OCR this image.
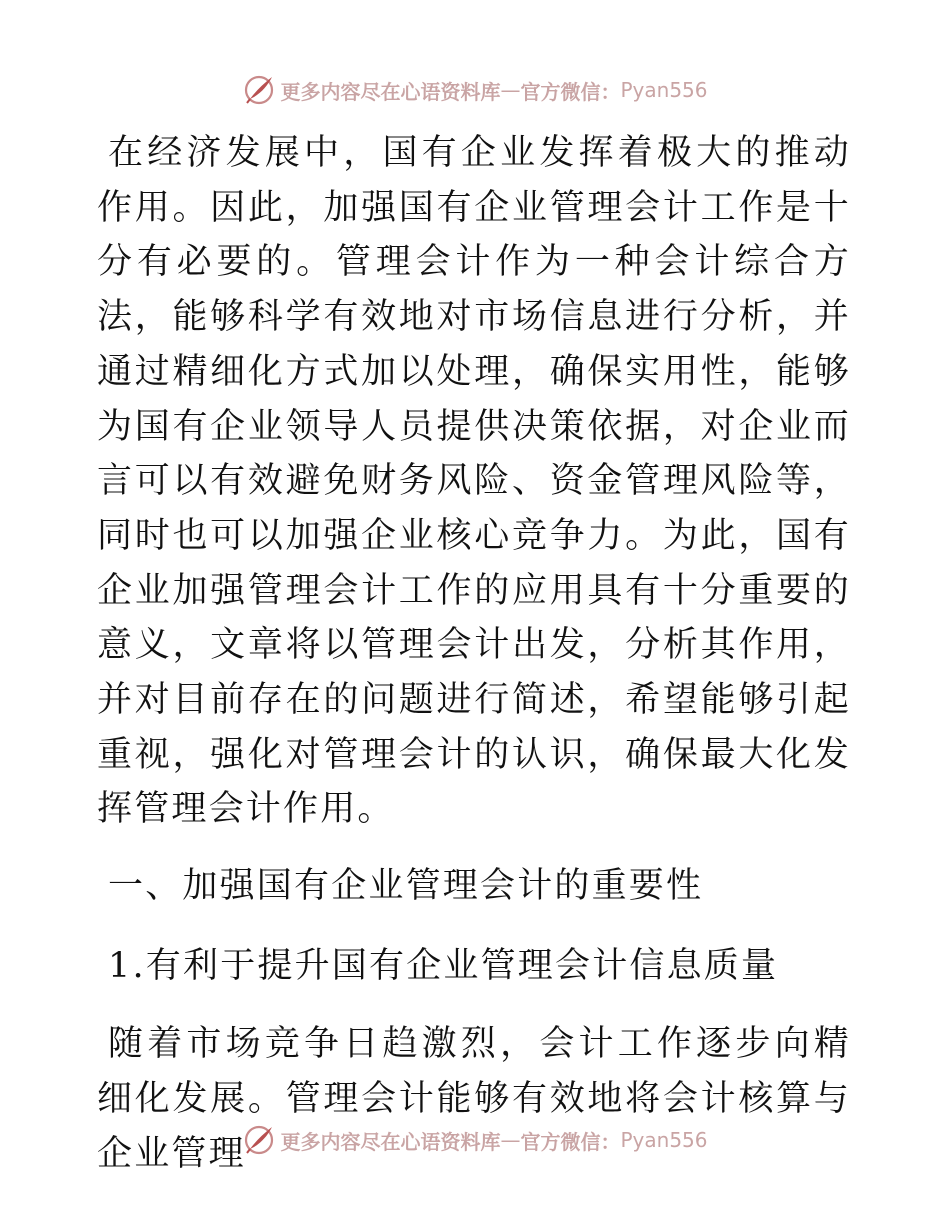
更多内容尽在心语资料库 — 官方微信： Pyan556

在经济发展中，国有企业发挥着极大的推动作用。因此，加强国有企业管理会计工作是十分有必要的。管理会计作为一种会计综合方法，能够科学有效地对市场信息进行分析，并通过精细化方式加以处理，确保实用性，能够为国有企业领导人员提供决策依据，对企业而言可以有效避免财务风险、资金管理风险等，同时也可以加强企业核心竞争力。为此，国有企业加强管理会计工作的应用具有十分重要的意义，文章将以管理会计出发，分析其作用，并对目前存在的问题进行简述，希望能够引起重视，强化对管理会计的认识，确保最大化发挥管理会计作用。

一、加强国有企业管理会计的重要性

1.有利于提升国有企业管理会计信息质量

随着市场竞争日趋激烈，会计工作逐步向精细化发展。管理会计能够有效地将会计核算与企业管理	更多内容尽在心语资料库 — 官方微信： Pyan556
